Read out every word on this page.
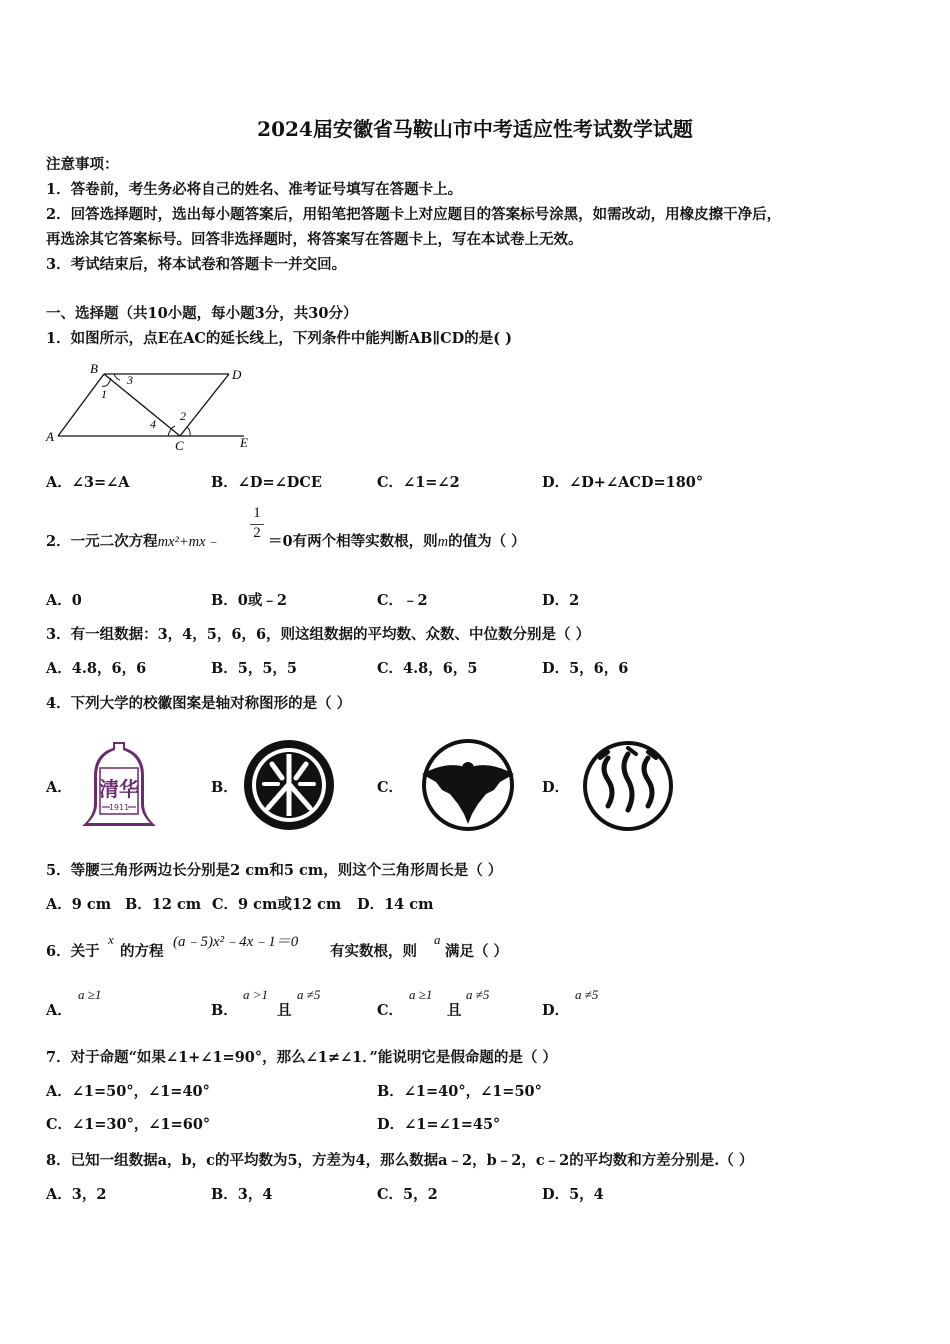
2024届安徽省马鞍山市中考适应性考试数学试题
注意事项：
1．答卷前，考生务必将自己的姓名、准考证号填写在答题卡上。
2．回答选择题时，选出每小题答案后，用铅笔把答题卡上对应题目的答案标号涂黑，如需改动，用橡皮擦干净后，
再选涂其它答案标号。回答非选择题时，将答案写在答题卡上，写在本试卷上无效。
3．考试结束后，将本试卷和答题卡一并交回。
一、选择题（共10小题，每小题3分，共30分）
1．如图所示，点E在AC的延长线上，下列条件中能判断AB∥CD的是( )
B	D
A
C	E
1
2
3
4
A．∠3=∠A	B．∠D=∠DCE	C．∠1=∠2	D．∠D+∠ACD=180°
2．一元二次方程mx²+mx﹣ $\frac{1}{2} =0$有两个相等实数根，则m的值为（ ）
A．0	B．0或﹣2	C．﹣2	D．2
3．有一组数据：3，4，5，6，6，则这组数据的平均数、众数、中位数分别是（ ）
A．4.8，6，6	B．5，5，5	C．4.8，6，5	D．5，6，6
4．下列大学的校徽图案是轴对称图形的是（ ）
A． 清华
1911
B．	C．	D．
5．等腰三角形两边长分别是2 cm和5 cm，则这个三角形周长是（ ）
A．9 cm B．12 cm C．9 cm或12 cm D．14 cm
6．关于
x
的方程
(a﹣5)x²﹣4x﹣1＝0
有实数根，则
a
满足（ ）
A．
a ≥1
B．
a >1
且
a ≠5
C．
a ≥1
且
a ≠5
D．
a ≠5
7．对于命题“如果∠1+∠1=90°，那么∠1≠∠1．”能说明它是假命题的是（ ）
A．∠1=50°，∠1=40°	B．∠1=40°，∠1=50°
C．∠1=30°，∠1=60°	D．∠1=∠1=45°
8．已知一组数据a，b，c的平均数为5，方差为4，那么数据a﹣2，b﹣2，c﹣2的平均数和方差分别是.（ ）
A．3，2	B．3，4	C．5，2	D．5，4
